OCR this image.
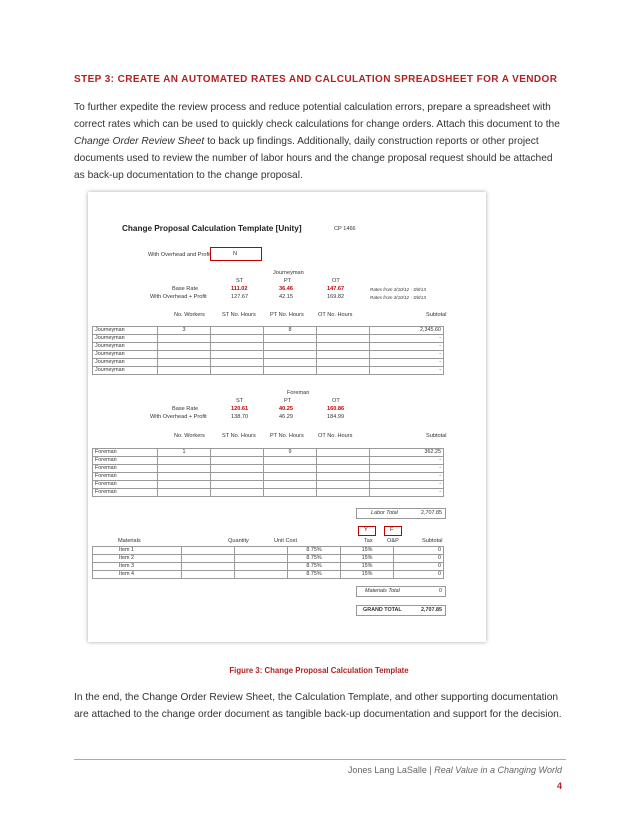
STEP 3: CREATE AN AUTOMATED RATES AND CALCULATION SPREADSHEET FOR A VENDOR
To further expedite the review process and reduce potential calculation errors, prepare a spreadsheet with correct rates which can be used to quickly check calculations for change orders. Attach this document to the Change Order Review Sheet to back up findings. Additionally, daily construction reports or other project documents used to review the number of labor hours and the change proposal request should be attached as back-up documentation to the change proposal.
Change Proposal Calculation Template [Unity]	CP 1466
With Overhead and Profit	N
Journeyman
ST	PT	OT
Base Rate	111.02	36.46	147.67	Rates from 3/10/12 - 3/8/13
With Overhead + Profit	127.67	42.15	169.82	Rates from 3/10/12 - 3/8/13
No. Workers	ST No. Hours	PT No. Hours	OT No. Hours	Subtotal
Journeyman	3		8		2,345.60
Journeyman					-
Journeyman					-
Journeyman					-
Journeyman					-
Journeyman					-
Foreman
ST	PT	OT
Base Rate	120.61	40.25	160.86
With Overhead + Profit	138.70	46.29	184.99
No. Workers	ST No. Hours	PT No. Hours	OT No. Hours	Subtotal
Foreman	1		9		362.25
Foreman					-
Foreman					-
Foreman					-
Foreman					-
Foreman					-
Labor Total	2,707.85
Y	F
Materials	Quantity	Unit Cost	Tax	O&P	Subtotal
Item 1			8.75%	15%	0
Item 2			8.75%	15%	0
Item 3			8.75%	15%	0
Item 4			8.75%	15%	0
Materials Total	0
GRAND TOTAL	2,707.85
Figure 3: Change Proposal Calculation Template
In the end, the Change Order Review Sheet, the Calculation Template, and other supporting documentation are attached to the change order document as tangible back-up documentation and support for the decision.
Jones Lang LaSalle | Real Value in a Changing World
4
